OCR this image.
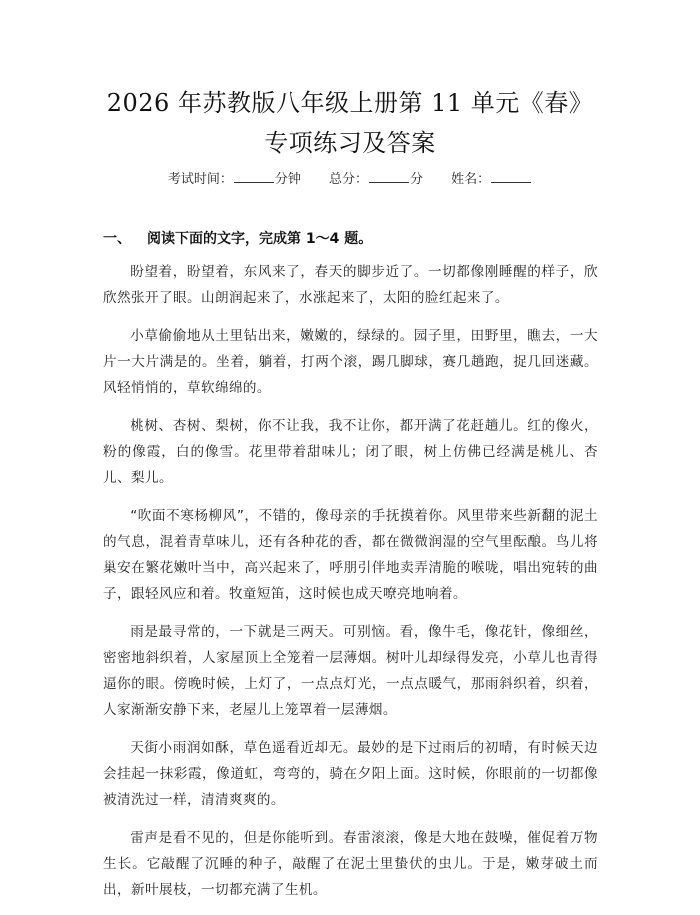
2026 年苏教版八年级上册第 11 单元《春》
专项练习及答案
考试时间：	分钟 总分：	分 姓名：
一、 阅读下面的文字，完成第 1～4 题。

盼望着，盼望着，东风来了，春天的脚步近了。一切都像刚睡醒的样子，欣欣然张开了眼。山朗润起来了，水涨起来了，太阳的脸红起来了。

小草偷偷地从土里钻出来，嫩嫩的，绿绿的。园子里，田野里，瞧去，一大片一大片满是的。坐着，躺着，打两个滚，踢几脚球，赛几趟跑，捉几回迷藏。风轻悄悄的，草软绵绵的。

桃树、杏树、梨树，你不让我，我不让你，都开满了花赶趟儿。红的像火，粉的像霞，白的像雪。花里带着甜味儿；闭了眼，树上仿佛已经满是桃儿、杏儿、梨儿。

“吹面不寒杨柳风”，不错的，像母亲的手抚摸着你。风里带来些新翻的泥土的气息，混着青草味儿，还有各种花的香，都在微微润湿的空气里酝酿。鸟儿将巢安在繁花嫩叶当中，高兴起来了，呼朋引伴地卖弄清脆的喉咙，唱出宛转的曲子，跟轻风应和着。牧童短笛，这时候也成天嘹亮地响着。

雨是最寻常的，一下就是三两天。可别恼。看，像牛毛，像花针，像细丝，密密地斜织着，人家屋顶上全笼着一层薄烟。树叶儿却绿得发亮，小草儿也青得逼你的眼。傍晚时候，上灯了，一点点灯光，一点点暖气，那雨斜织着，织着，人家渐渐安静下来，老屋儿上笼罩着一层薄烟。

天街小雨润如酥，草色遥看近却无。最妙的是下过雨后的初晴，有时候天边会挂起一抹彩霞，像道虹，弯弯的，骑在夕阳上面。这时候，你眼前的一切都像被清洗过一样，清清爽爽的。

雷声是看不见的，但是你能听到。春雷滚滚，像是大地在鼓噪，催促着万物生长。它敲醒了沉睡的种子，敲醒了在泥土里蛰伏的虫儿。于是，嫩芽破土而出，新叶展枝，一切都充满了生机。
